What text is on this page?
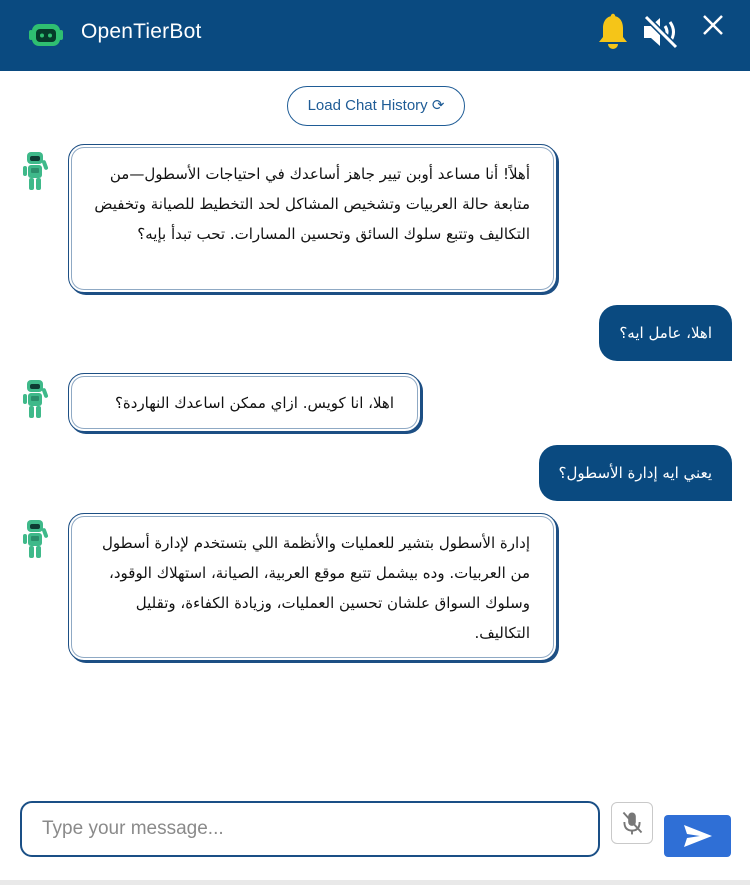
OpenTierBot
Load Chat History ⟳
أهلاً! أنا مساعد أوبن تيير جاهز أساعدك في احتياجات الأسطول—من متابعة حالة العربيات وتشخيص المشاكل لحد التخطيط للصيانة وتخفيض التكاليف وتتبع سلوك السائق وتحسين المسارات. تحب تبدأ بإيه؟
اهلا، عامل ايه؟
اهلا، انا كويس. ازاي ممكن اساعدك النهاردة؟
يعني ايه إدارة الأسطول؟
إدارة الأسطول بتشير للعمليات والأنظمة اللي بتستخدم لإدارة أسطول من العربيات. وده بيشمل تتبع موقع العربية، الصيانة، استهلاك الوقود، وسلوك السواق علشان تحسين العمليات، وزيادة الكفاءة، وتقليل التكاليف.
Type your message...
